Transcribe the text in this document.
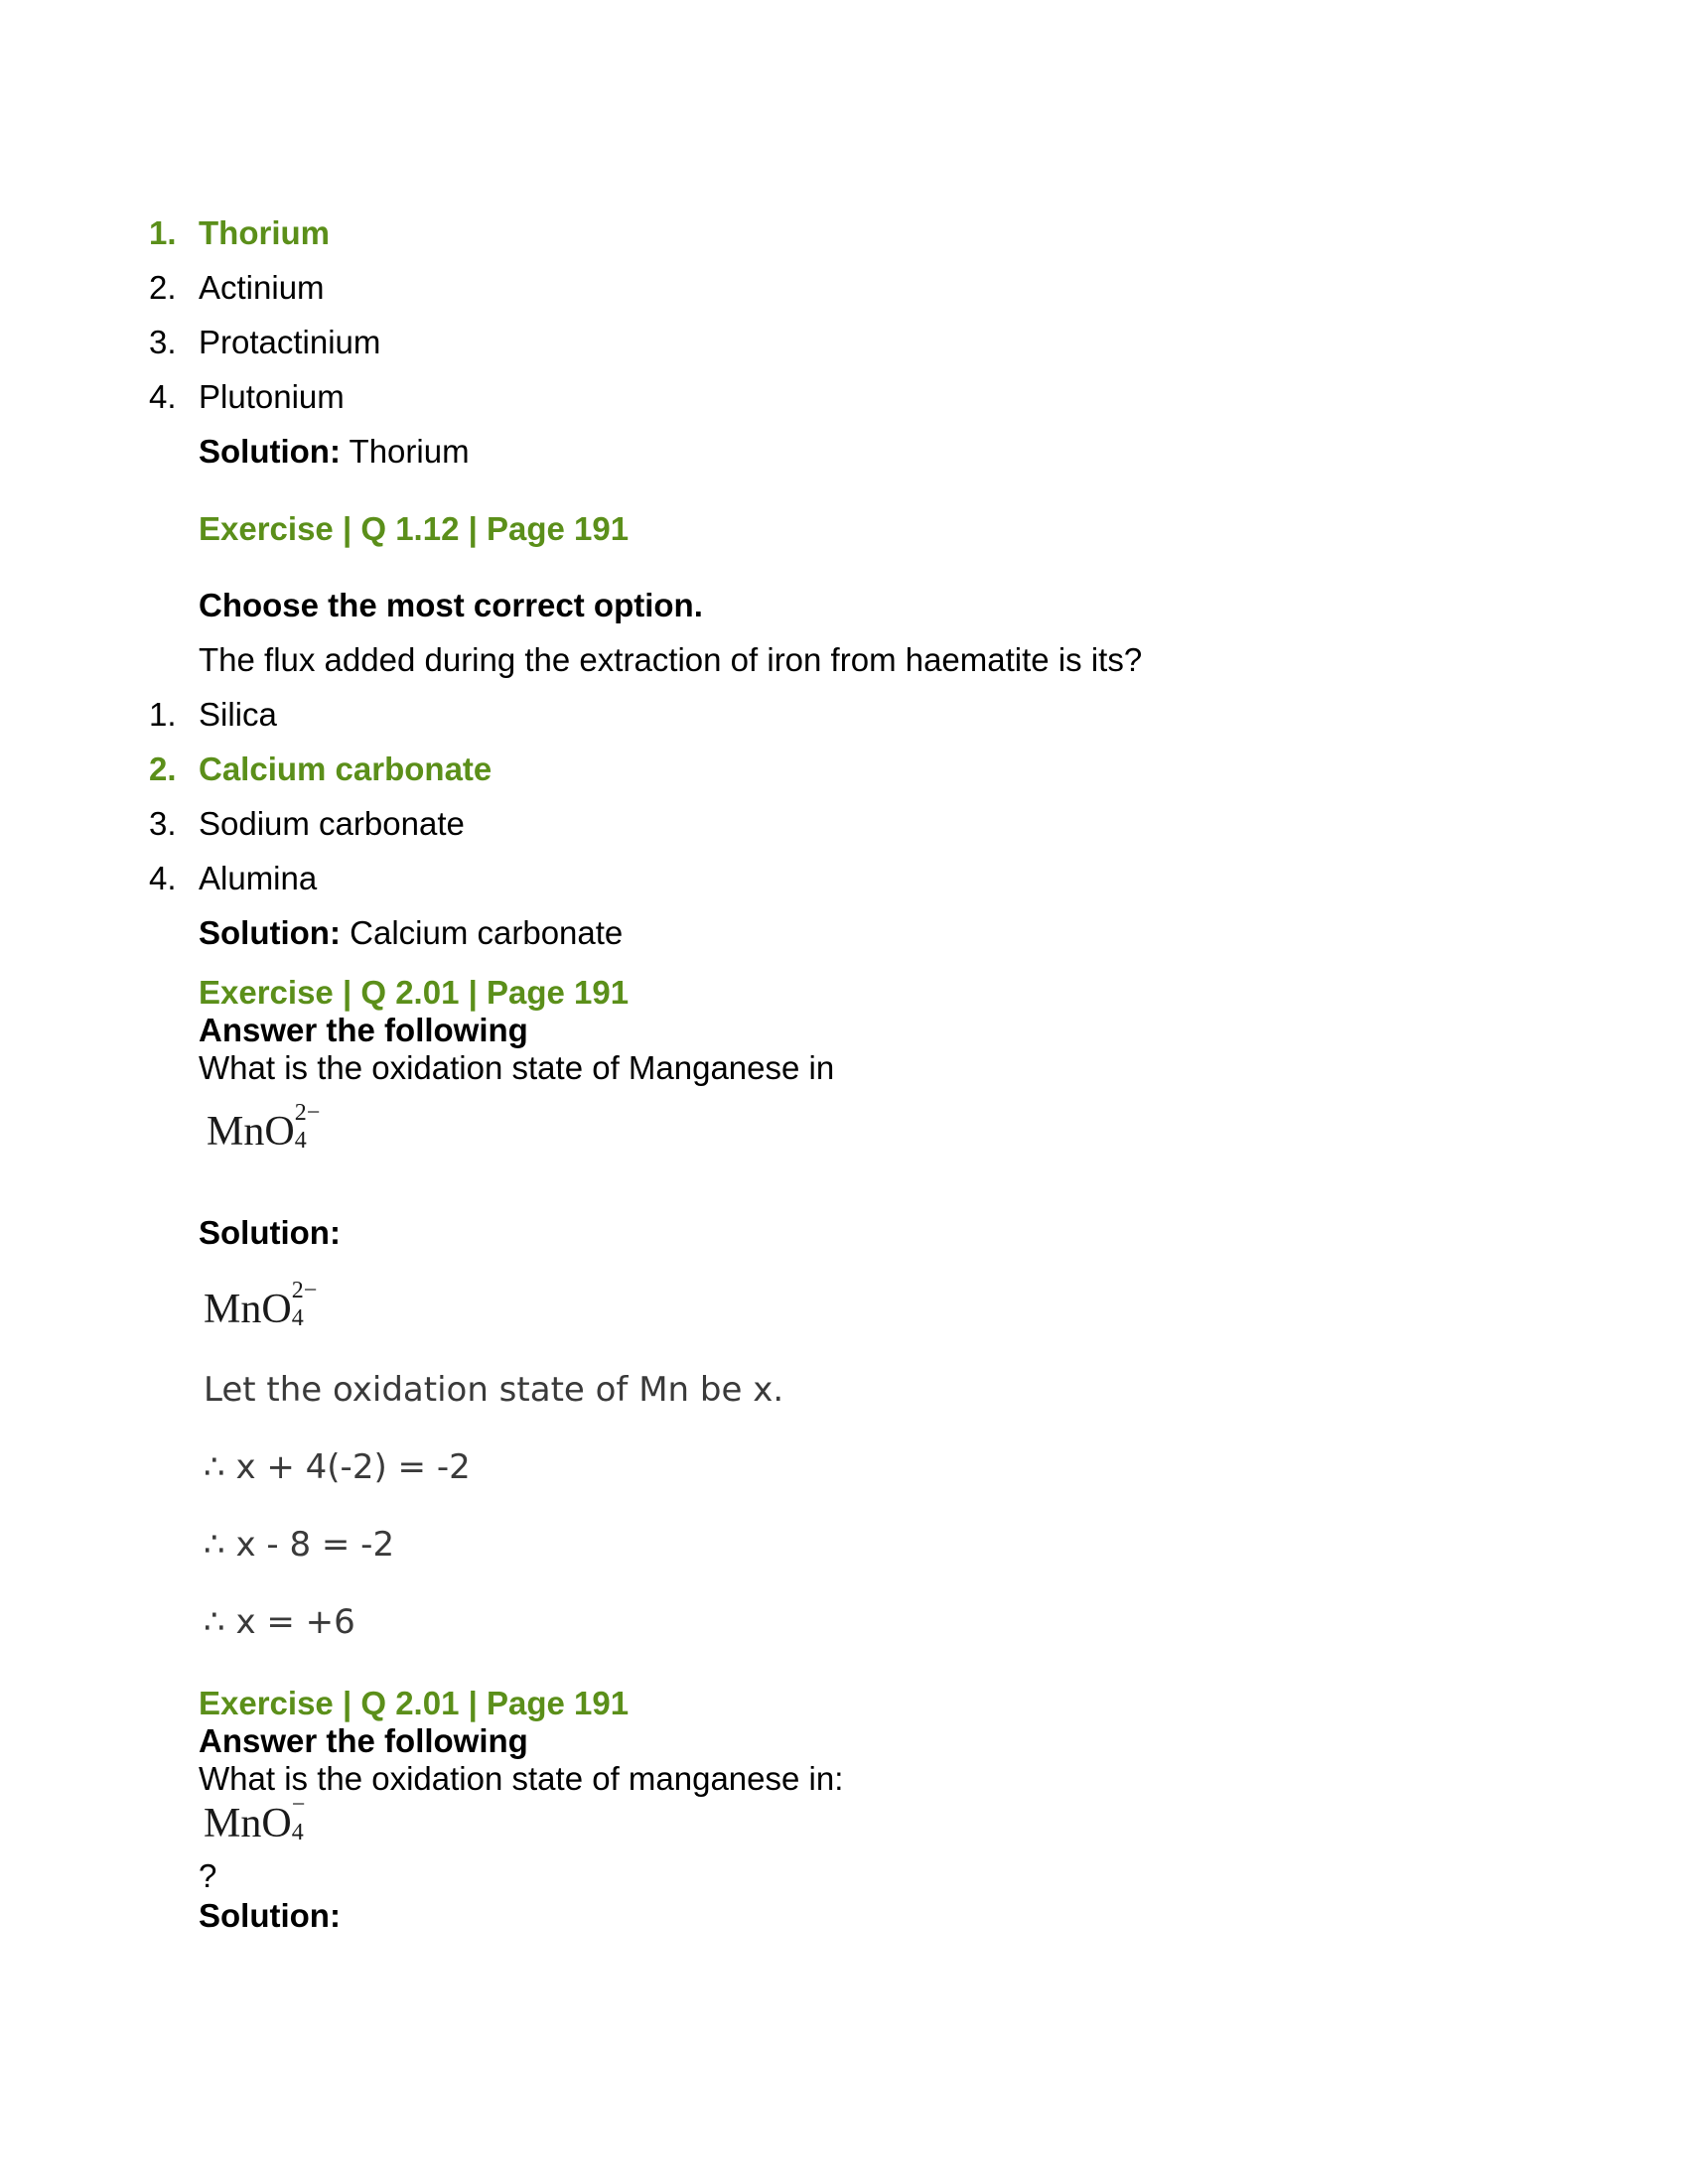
1. Thorium
2. Actinium
3. Protactinium
4. Plutonium
Solution: Thorium
Exercise | Q 1.12 | Page 191
Choose the most correct option.
The flux added during the extraction of iron from haematite is its?
1. Silica
2. Calcium carbonate
3. Sodium carbonate
4. Alumina
Solution: Calcium carbonate
Exercise | Q 2.01 | Page 191
Answer the following
What is the oxidation state of Manganese in
MnO 2−
4
Solution:
MnO 2−
4
Let the oxidation state of Mn be x.
∴ x + 4(-2) = -2
∴ x - 8 = -2
∴ x = +6
Exercise | Q 2.01 | Page 191
Answer the following
What is the oxidation state of manganese in:
MnO −
4
?
Solution:
